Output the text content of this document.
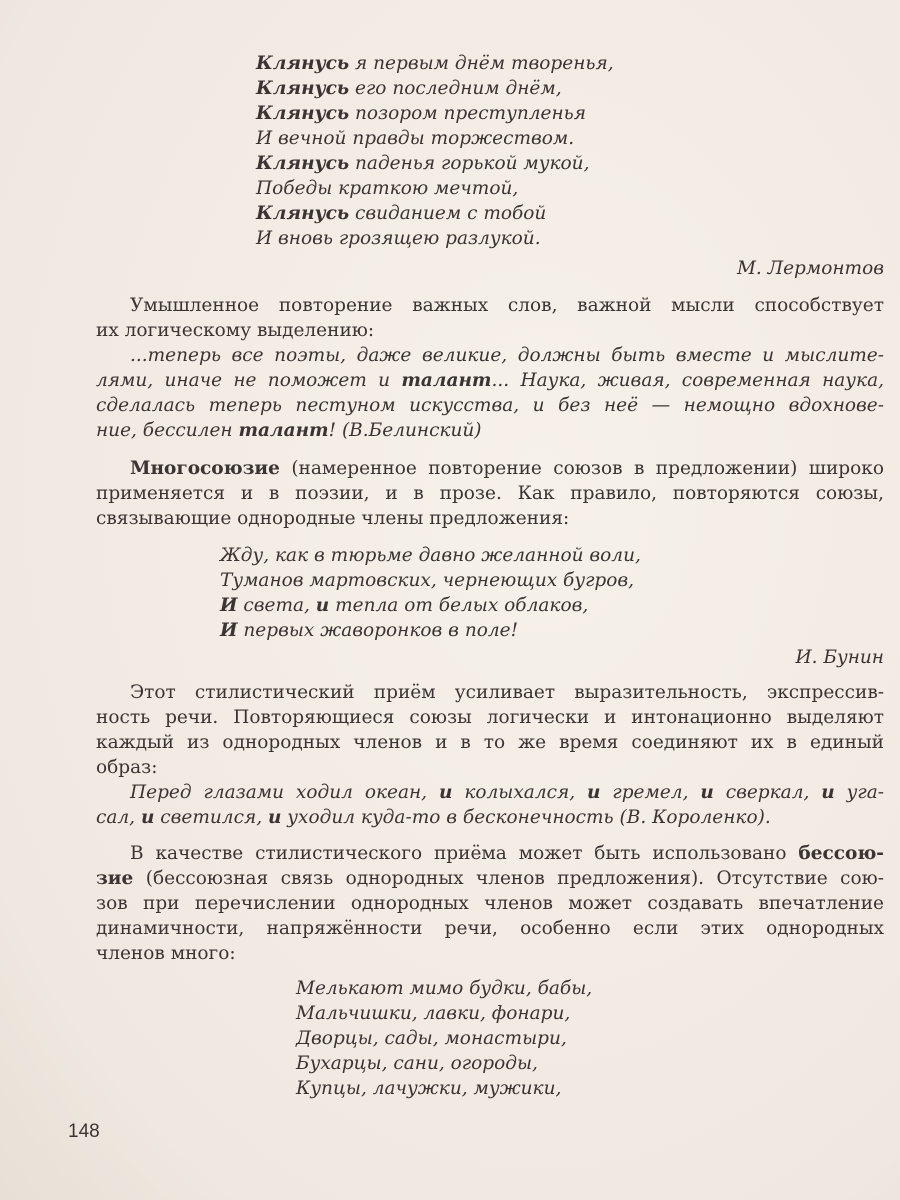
Клянусь я первым днём творенья,
Клянусь его последним днём,
Клянусь позором преступленья
И вечной правды торжеством.
Клянусь паденья горькой мукой,
Победы краткою мечтой,
Клянусь свиданием с тобой
И вновь грозящею разлукой.
М. Лермонтов
Умышленное повторение важных слов, важной мысли способствует
их логическому выделению:
...теперь все поэты, даже великие, должны быть вместе и мыслите-
лями, иначе не поможет и талант... Наука, живая, современная наука,
сделалась теперь пестуном искусства, и без неё — немощно вдохнове-
ние, бессилен талант! (В.Белинский)
Многосоюзие (намеренное повторение союзов в предложении) широко
применяется и в поэзии, и в прозе. Как правило, повторяются союзы,
связывающие однородные члены предложения:
Жду, как в тюрьме давно желанной воли,
Туманов мартовских, чернеющих бугров,
И света, и тепла от белых облаков,
И первых жаворонков в поле!
И. Бунин
Этот стилистический приём усиливает выразительность, экспрессив-
ность речи. Повторяющиеся союзы логически и интонационно выделяют
каждый из однородных членов и в то же время соединяют их в единый
образ:
Перед глазами ходил океан, и колыхался, и гремел, и сверкал, и уга-
сал, и светился, и уходил куда-то в бесконечность (В. Короленко).
В качестве стилистического приёма может быть использовано бессою-
зие (бессоюзная связь однородных членов предложения). Отсутствие сою-
зов при перечислении однородных членов может создавать впечатление
динамичности, напряжённости речи, особенно если этих однородных
членов много:
Мелькают мимо будки, бабы,
Мальчишки, лавки, фонари,
Дворцы, сады, монастыри,
Бухарцы, сани, огороды,
Купцы, лачужки, мужики,
148
